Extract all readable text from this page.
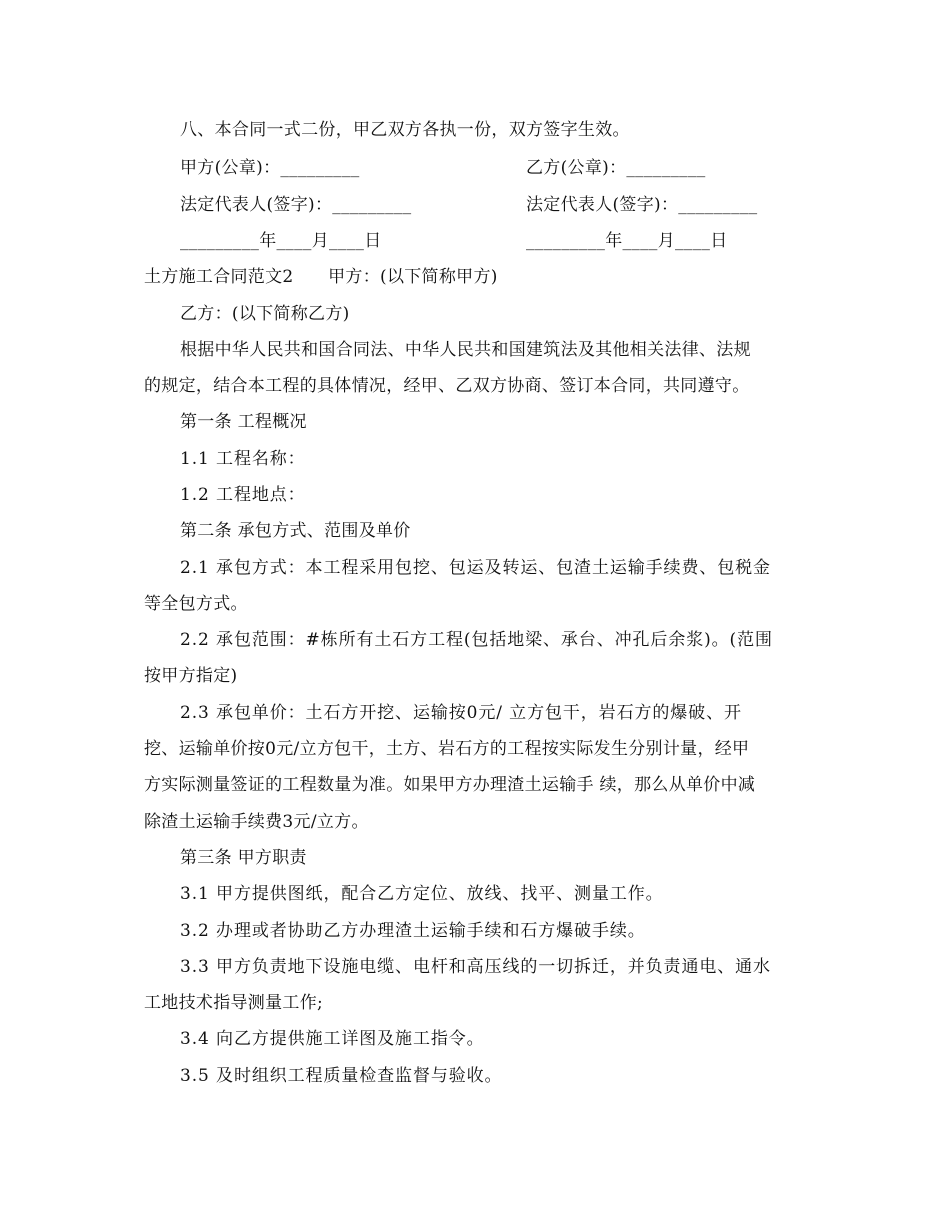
八、本合同一式二份，甲乙双方各执一份，双方签字生效。
甲方(公章)：_________	乙方(公章)：_________
法定代表人(签字)：_________	法定代表人(签字)：_________
_________年____月____日	_________年____月____日
土方施工合同范文2　　甲方：(以下简称甲方)
乙方：(以下简称乙方)
根据中华人民共和国合同法、中华人民共和国建筑法及其他相关法律、法规
的规定，结合本工程的具体情况，经甲、乙双方协商、签订本合同，共同遵守。
第一条 工程概况
1.1 工程名称：
1.2 工程地点：
第二条 承包方式、范围及单价
2.1 承包方式：本工程采用包挖、包运及转运、包渣土运输手续费、包税金
等全包方式。
2.2 承包范围：#栋所有土石方工程(包括地梁、承台、冲孔后余浆)。(范围
按甲方指定)
2.3 承包单价：土石方开挖、运输按0元/ 立方包干，岩石方的爆破、开
挖、运输单价按0元/立方包干，土方、岩石方的工程按实际发生分别计量，经甲
方实际测量签证的工程数量为准。如果甲方办理渣土运输手 续，那么从单价中减
除渣土运输手续费3元/立方。
第三条 甲方职责
3.1 甲方提供图纸，配合乙方定位、放线、找平、测量工作。
3.2 办理或者协助乙方办理渣土运输手续和石方爆破手续。
3.3 甲方负责地下设施电缆、电杆和高压线的一切拆迁，并负责通电、通水
工地技术指导测量工作;
3.4 向乙方提供施工详图及施工指令。
3.5 及时组织工程质量检查监督与验收。
